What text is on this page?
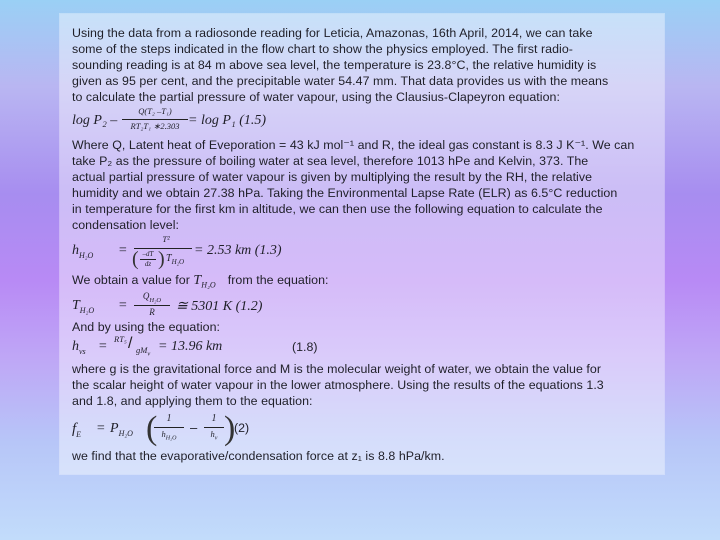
Using the data from a radiosonde reading for Leticia, Amazonas, 16th April, 2014, we can take
some of the steps indicated in the flow chart to show the physics employed. The first radio-
sounding reading is at 84 m above sea level, the temperature is 23.8°C, the relative humidity is
given as 95 per cent, and the precipitable water 54.47 mm. That data provides us with the means
to calculate the partial pressure of water vapour, using the Clausius-Clapeyron equation:
log P₂ –
Q(T₂ –T₁)
RT₂T₁ ∗2.303 = log P₁ (1.5)
Where Q, Latent heat of Eveporation = 43 kJ mol⁻¹ and R, the ideal gas constant is 8.3 J K⁻¹. We can
take P₂ as the pressure of boiling water at sea level, therefore 1013 hPe and Kelvin, 373. The
actual partial pressure of water vapour is given by multiplying the result by the RH, the relative
humidity and we obtain 27.38 hPa. Taking the Environmental Lapse Rate (ELR) as 6.5°C reduction
in temperature for the first km in altitude, we can then use the following equation to calculate the
condensation level:
$h_{H_2O}$ =
T²
( –dT
dz ) $T_{H_2O}$
= 2.53 km (1.3)
We obtain a value for $T_{H_2O}$ from the equation:
$T_{H_2O}$ =
$Q_{H_2O}$
R	≅ 5301 K (1.2)
And by using the equation:
$h_{vs} = RT_5 / gM_v$
= 13.96 km	(1.8)
where g is the gravitational force and M is the molecular weight of water, we obtain the value for
the scalar height of water vapour in the lower atmosphere. Using the results of the equations 1.3
and 1.8, and applying them to the equation:
$f_E = P_{H_2O}$ ( 1
$h_{H_2O}$
–
1
$h_v$ )
(2)
we find that the evaporative/condensation force at z₁ is 8.8 hPa/km.
